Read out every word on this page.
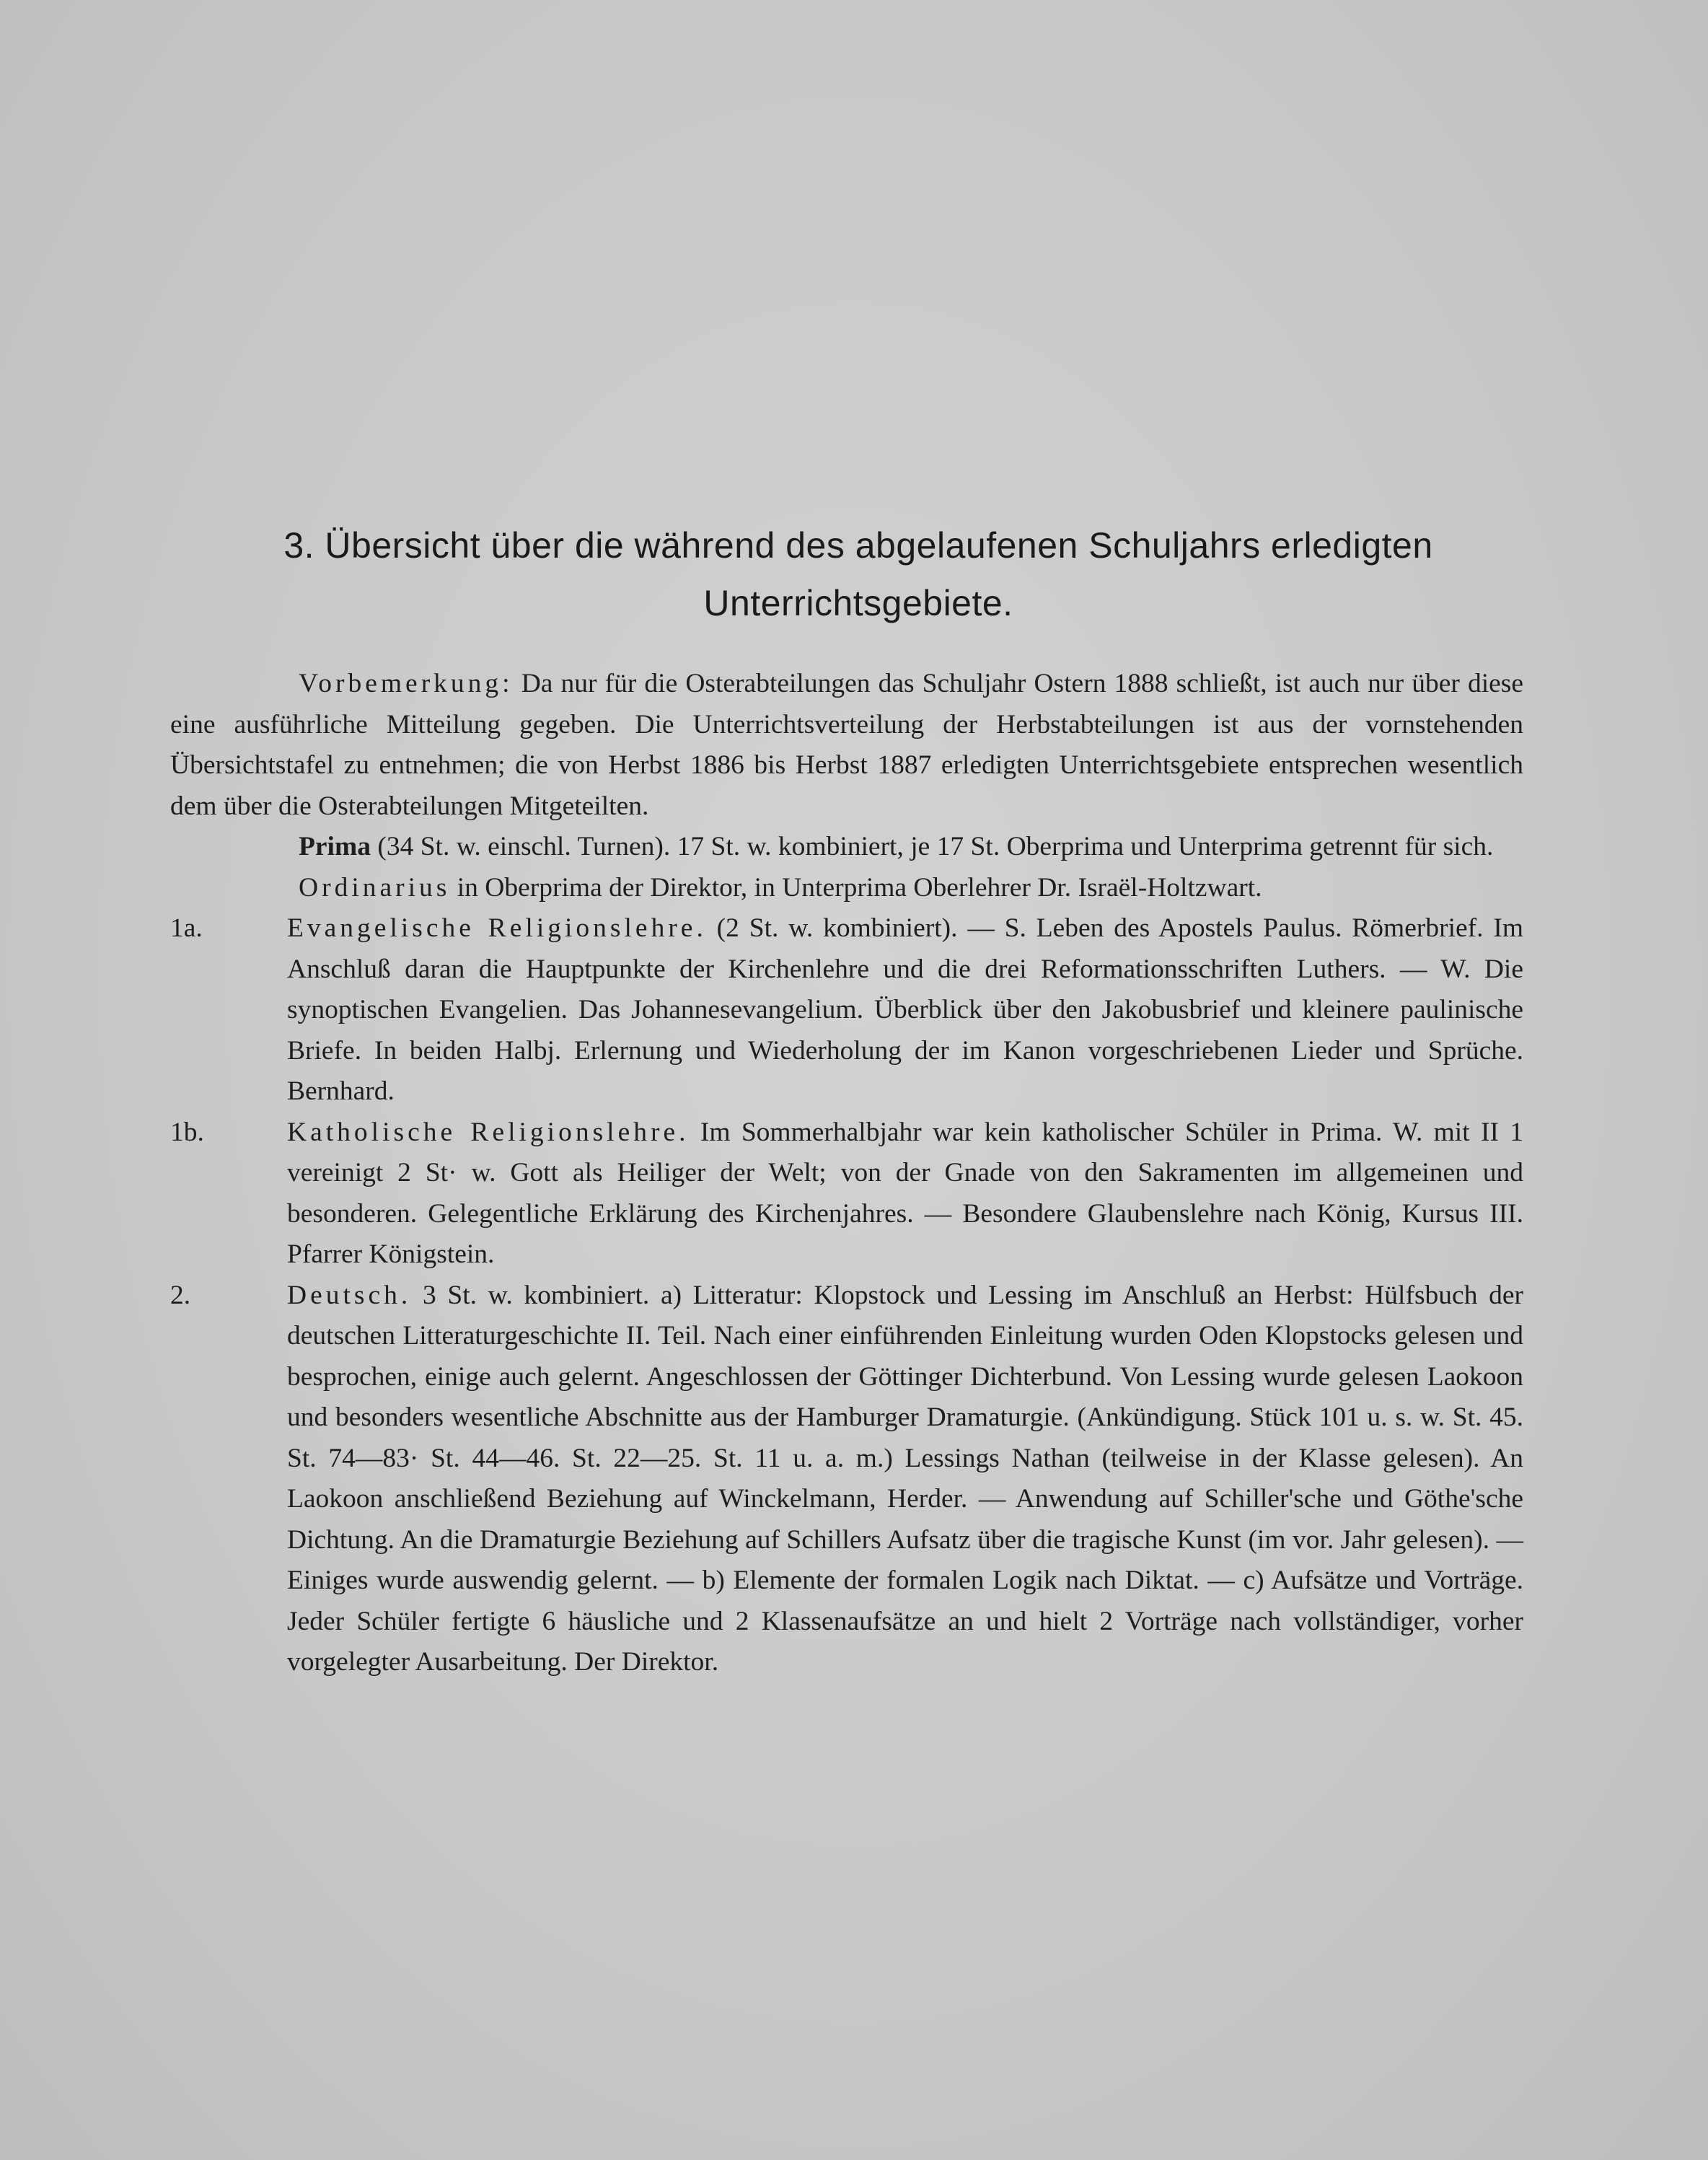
3. Übersicht über die während des abgelaufenen Schuljahrs erledigten
Unterrichtsgebiete.
Vorbemerkung: Da nur für die Osterabteilungen das Schuljahr Ostern 1888 schließt, ist auch nur über diese eine ausführliche Mitteilung gegeben. Die Unterrichtsverteilung der Herbstabteilungen ist aus der vornstehenden Übersichtstafel zu entnehmen; die von Herbst 1886 bis Herbst 1887 erledigten Unterrichtsgebiete entsprechen wesentlich dem über die Osterabteilungen Mitgeteilten.
Prima (34 St. w. einschl. Turnen). 17 St. w. kombiniert, je 17 St. Oberprima und Unterprima getrennt für sich.
Ordinarius in Oberprima der Direktor, in Unterprima Oberlehrer Dr. Israël-Holtzwart.
1a.	Evangelische Religionslehre. (2 St. w. kombiniert). — S. Leben des Apostels Paulus. Römerbrief. Im Anschluß daran die Hauptpunkte der Kirchenlehre und die drei Reformationsschriften Luthers. — W. Die synoptischen Evangelien. Das Johannesevangelium. Überblick über den Jakobusbrief und kleinere paulinische Briefe. In beiden Halbj. Erlernung und Wiederholung der im Kanon vorgeschriebenen Lieder und Sprüche. Bernhard.
1b.	Katholische Religionslehre. Im Sommerhalbjahr war kein katholischer Schüler in Prima. W. mit II 1 vereinigt 2 St· w. Gott als Heiliger der Welt; von der Gnade von den Sakramenten im allgemeinen und besonderen. Gelegentliche Erklärung des Kirchenjahres. — Besondere Glaubenslehre nach König, Kursus III. Pfarrer Königstein.
2.	Deutsch. 3 St. w. kombiniert. a) Litteratur: Klopstock und Lessing im Anschluß an Herbst: Hülfsbuch der deutschen Litteraturgeschichte II. Teil. Nach einer einführenden Einleitung wurden Oden Klopstocks gelesen und besprochen, einige auch gelernt. Angeschlossen der Göttinger Dichterbund. Von Lessing wurde gelesen Laokoon und besonders wesentliche Abschnitte aus der Hamburger Dramaturgie. (Ankündigung. Stück 101 u. s. w. St. 45. St. 74—83· St. 44—46. St. 22—25. St. 11 u. a. m.) Lessings Nathan (teilweise in der Klasse gelesen). An Laokoon anschließend Beziehung auf Winckelmann, Herder. — Anwendung auf Schiller'sche und Göthe'sche Dichtung. An die Dramaturgie Beziehung auf Schillers Aufsatz über die tragische Kunst (im vor. Jahr gelesen). — Einiges wurde auswendig gelernt. — b) Elemente der formalen Logik nach Diktat. — c) Aufsätze und Vorträge. Jeder Schüler fertigte 6 häusliche und 2 Klassenaufsätze an und hielt 2 Vorträge nach vollständiger, vorher vorgelegter Ausarbeitung. Der Direktor.
